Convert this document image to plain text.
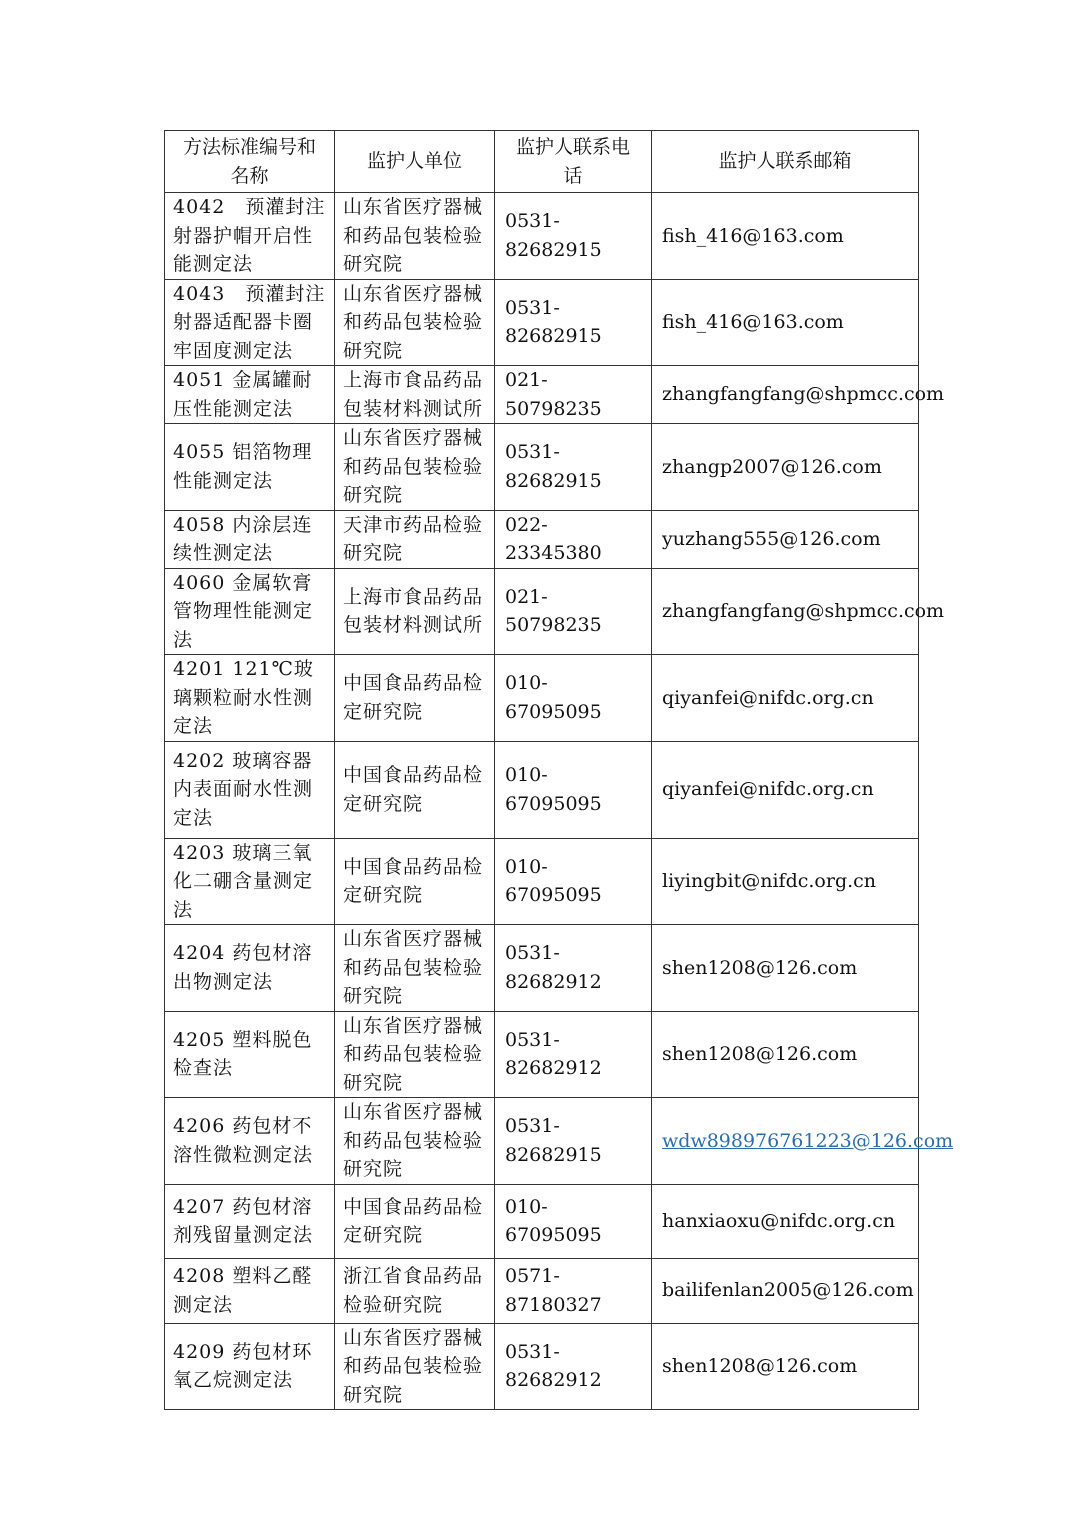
方法标准编号和名称	监护人单位	监护人联系电话	监护人联系邮箱
4042　预灌封注射器护帽开启性能测定法	山东省医疗器械和药品包装检验研究院	0531-82682915	fish_416@163.com
4043　预灌封注射器适配器卡圈牢固度测定法	山东省医疗器械和药品包装检验研究院	0531-82682915	fish_416@163.com
4051 金属罐耐压性能测定法	上海市食品药品包装材料测试所	021-50798235	zhangfangfang@shpmcc.com
4055 铝箔物理性能测定法	山东省医疗器械和药品包装检验研究院	0531-82682915	zhangp2007@126.com
4058 内涂层连续性测定法	天津市药品检验研究院	022-23345380	yuzhang555@126.com
4060 金属软膏管物理性能测定法	上海市食品药品包装材料测试所	021-50798235	zhangfangfang@shpmcc.com
4201 121℃玻璃颗粒耐水性测定法	中国食品药品检定研究院	010-67095095	qiyanfei@nifdc.org.cn
4202 玻璃容器内表面耐水性测定法	中国食品药品检定研究院	010-67095095	qiyanfei@nifdc.org.cn
4203 玻璃三氧化二硼含量测定法	中国食品药品检定研究院	010-67095095	liyingbit@nifdc.org.cn
4204 药包材溶出物测定法	山东省医疗器械和药品包装检验研究院	0531-82682912	shen1208@126.com
4205 塑料脱色检查法	山东省医疗器械和药品包装检验研究院	0531-82682912	shen1208@126.com
4206 药包材不溶性微粒测定法	山东省医疗器械和药品包装检验研究院	0531-82682915	wdw898976761223@126.com
4207 药包材溶剂残留量测定法	中国食品药品检定研究院	010-67095095	hanxiaoxu@nifdc.org.cn
4208 塑料乙醛测定法	浙江省食品药品检验研究院	0571-87180327	bailifenlan2005@126.com
4209 药包材环氧乙烷测定法	山东省医疗器械和药品包装检验研究院	0531-82682912	shen1208@126.com
